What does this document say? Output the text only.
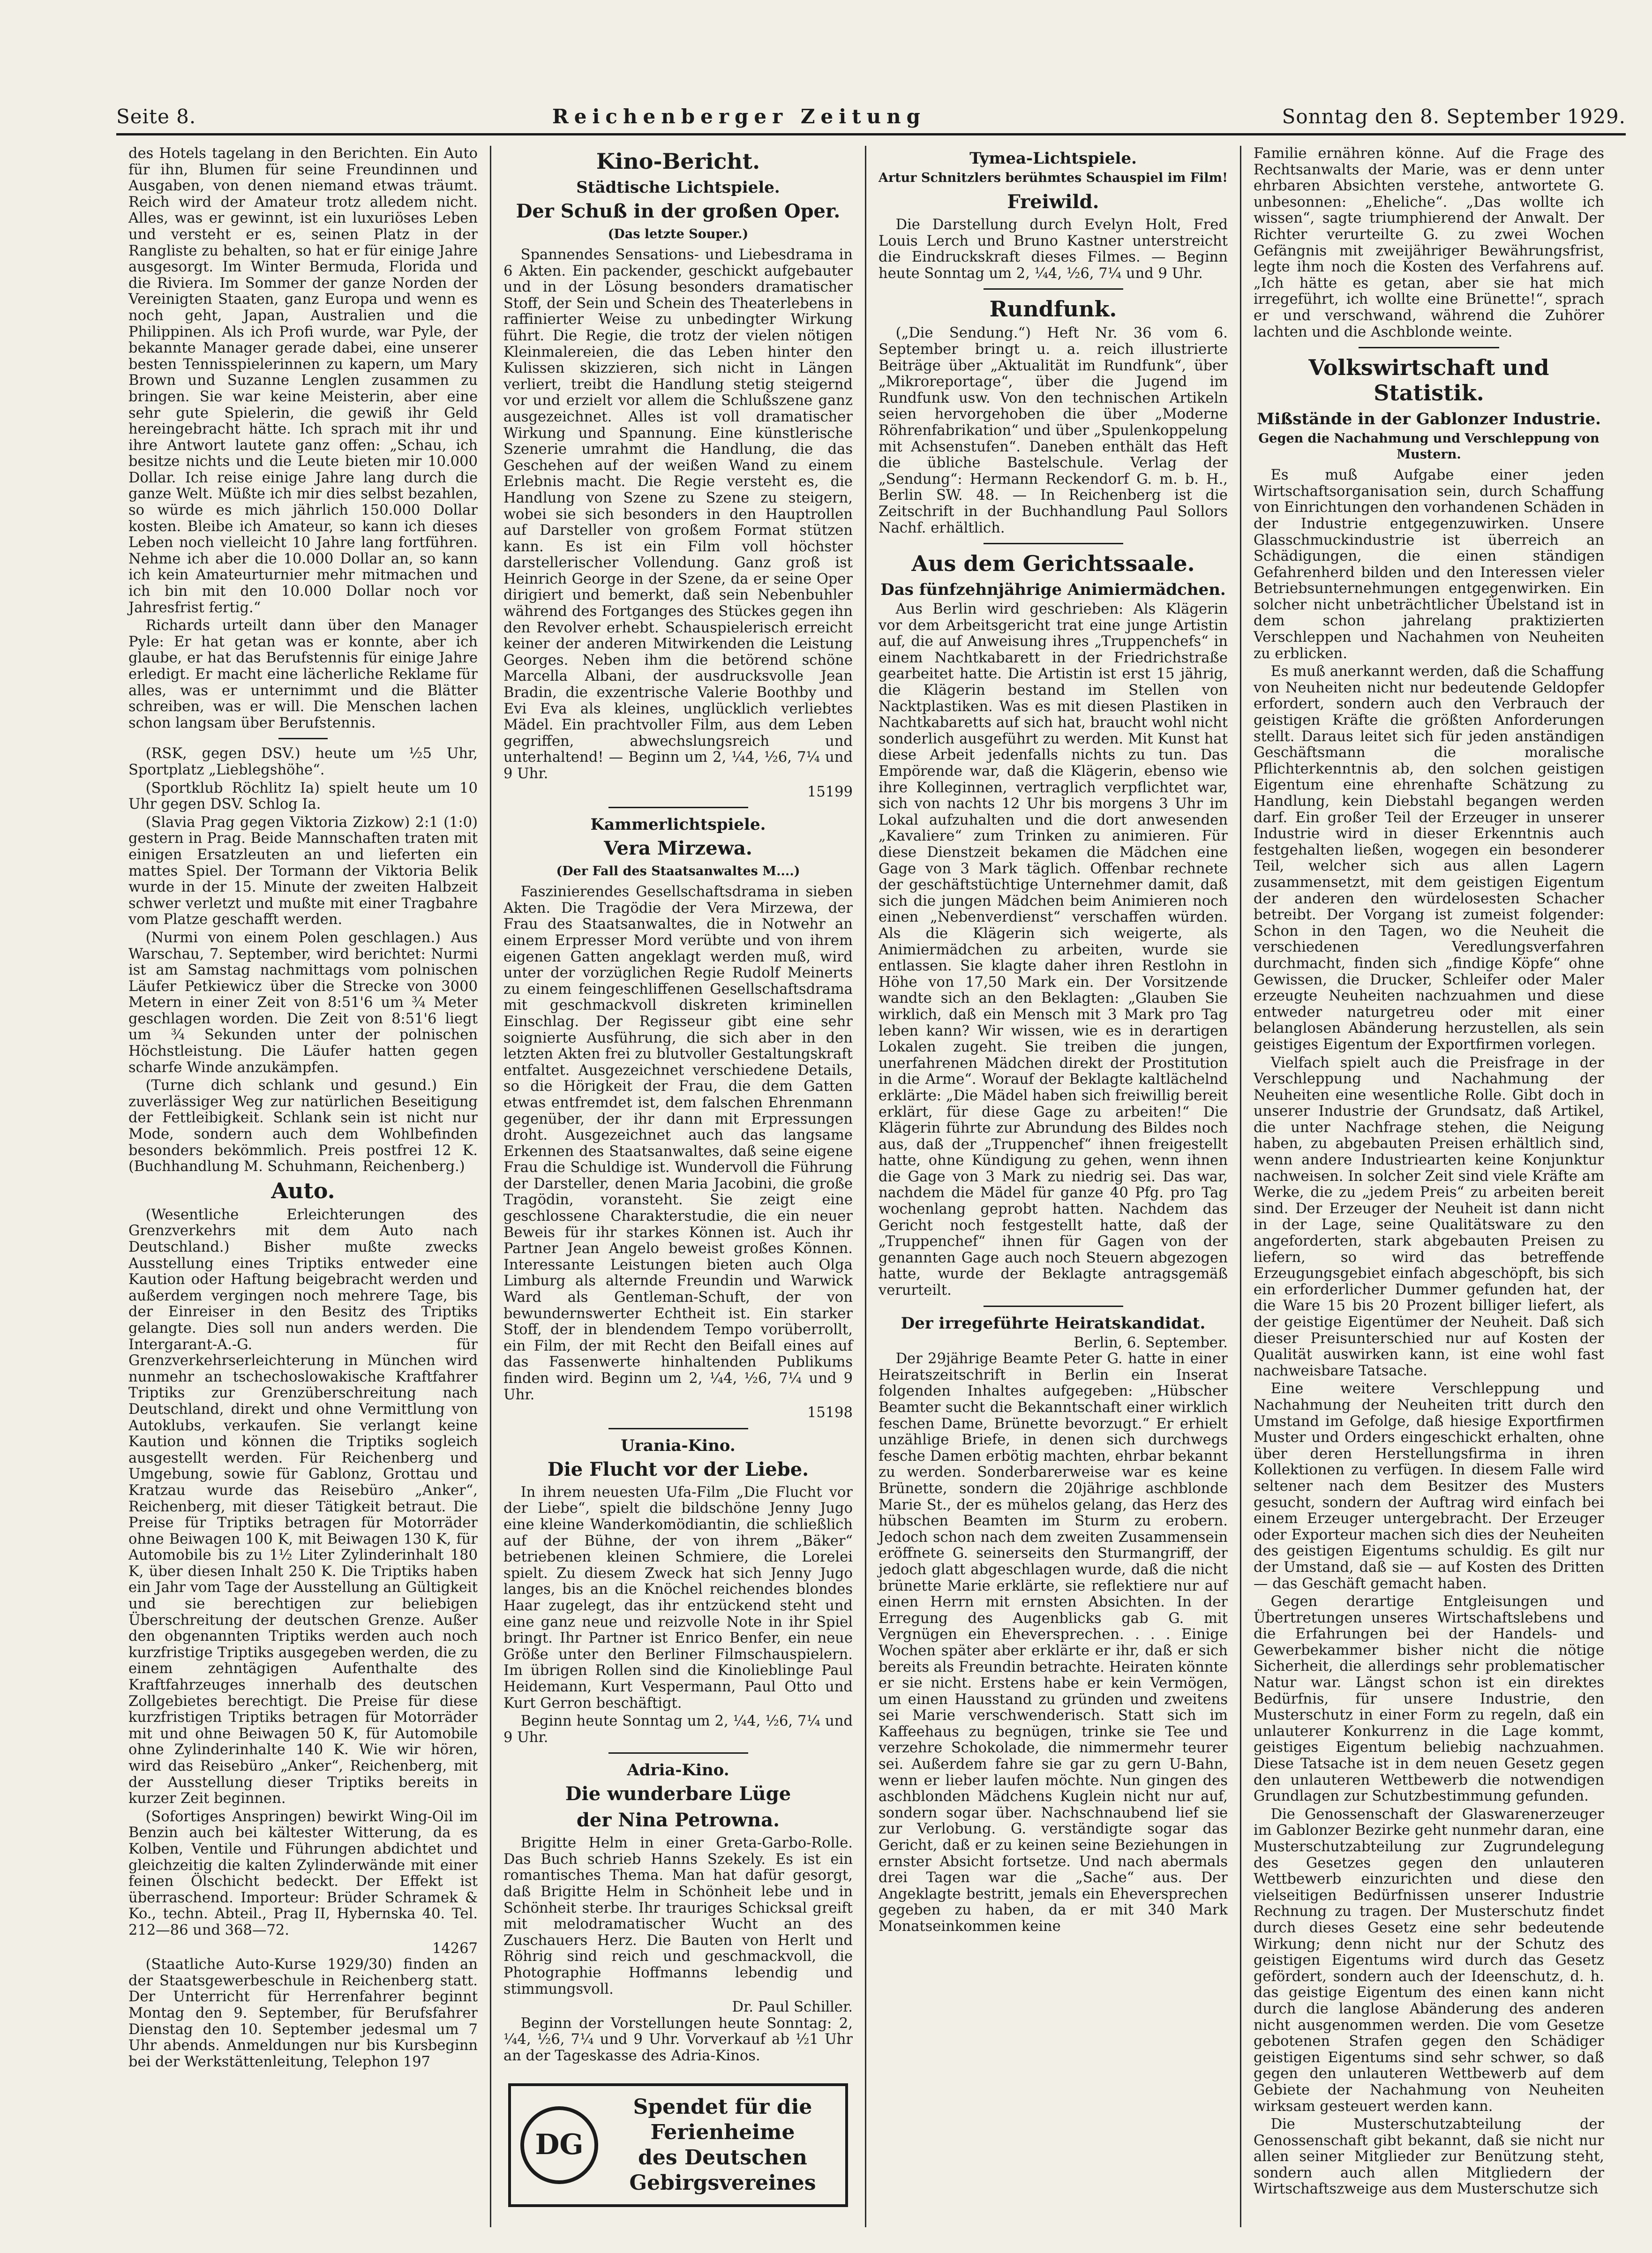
Seite 8.	Reichenberger Zeitung	Sonntag den 8. September 1929.

des Hotels tagelang in den Berichten. Ein Auto für ihn, Blumen für seine Freundinnen und Ausgaben, von denen niemand etwas träumt. Reich wird der Amateur trotz alledem nicht. Alles, was er gewinnt, ist ein luxuriöses Leben und versteht er es, seinen Platz in der Rangliste zu behalten, so hat er für einige Jahre ausgesorgt. Im Winter Bermuda, Florida und die Riviera. Im Sommer der ganze Norden der Vereinigten Staaten, ganz Europa und wenn es noch geht, Japan, Australien und die Philippinen. Als ich Profi wurde, war Pyle, der bekannte Manager gerade dabei, eine unserer besten Tennisspielerinnen zu kapern, um Mary Brown und Suzanne Lenglen zusammen zu bringen. Sie war keine Meisterin, aber eine sehr gute Spielerin, die gewiß ihr Geld hereingebracht hätte. Ich sprach mit ihr und ihre Antwort lautete ganz offen: „Schau, ich besitze nichts und die Leute bieten mir 10.000 Dollar. Ich reise einige Jahre lang durch die ganze Welt. Müßte ich mir dies selbst bezahlen, so würde es mich jährlich 150.000 Dollar kosten. Bleibe ich Amateur, so kann ich dieses Leben noch vielleicht 10 Jahre lang fortführen. Nehme ich aber die 10.000 Dollar an, so kann ich kein Amateurturnier mehr mitmachen und ich bin mit den 10.000 Dollar noch vor Jahresfrist fertig.“

Richards urteilt dann über den Manager Pyle: Er hat getan was er konnte, aber ich glaube, er hat das Berufstennis für einige Jahre erledigt. Er macht eine lächerliche Reklame für alles, was er unternimmt und die Blätter schreiben, was er will. Die Menschen lachen schon langsam über Berufstennis.

(RSK, gegen DSV.) heute um ½5 Uhr, Sportplatz „Lieblegshöhe“.

(Sportklub Röchlitz Ia) spielt heute um 10 Uhr gegen DSV. Schlog Ia.

(Slavia Prag gegen Viktoria Zizkow) 2:1 (1:0) gestern in Prag. Beide Mannschaften traten mit einigen Ersatzleuten an und lieferten ein mattes Spiel. Der Tormann der Viktoria Belik wurde in der 15. Minute der zweiten Halbzeit schwer verletzt und mußte mit einer Tragbahre vom Platze geschafft werden.

(Nurmi von einem Polen geschlagen.) Aus Warschau, 7. September, wird berichtet: Nurmi ist am Samstag nachmittags vom polnischen Läufer Petkiewicz über die Strecke von 3000 Metern in einer Zeit von 8:51'6 um ¾ Meter geschlagen worden. Die Zeit von 8:51'6 liegt um ¾ Sekunden unter der polnischen Höchstleistung. Die Läufer hatten gegen scharfe Winde anzukämpfen.

(Turne dich schlank und gesund.) Ein zuverlässiger Weg zur natürlichen Beseitigung der Fettleibigkeit. Schlank sein ist nicht nur Mode, sondern auch dem Wohlbefinden besonders bekömmlich. Preis postfrei 12 K. (Buchhandlung M. Schuhmann, Reichenberg.)

Auto.

(Wesentliche Erleichterungen des Grenzverkehrs mit dem Auto nach Deutschland.) Bisher mußte zwecks Ausstellung eines Triptiks entweder eine Kaution oder Haftung beigebracht werden und außerdem vergingen noch mehrere Tage, bis der Einreiser in den Besitz des Triptiks gelangte. Dies soll nun anders werden. Die Intergarant-A.-G. für Grenzverkehrserleichterung in München wird nunmehr an tschechoslowakische Kraftfahrer Triptiks zur Grenzüberschreitung nach Deutschland, direkt und ohne Vermittlung von Autoklubs, verkaufen. Sie verlangt keine Kaution und können die Triptiks sogleich ausgestellt werden. Für Reichenberg und Umgebung, sowie für Gablonz, Grottau und Kratzau wurde das Reisebüro „Anker“, Reichenberg, mit dieser Tätigkeit betraut. Die Preise für Triptiks betragen für Motorräder ohne Beiwagen 100 K, mit Beiwagen 130 K, für Automobile bis zu 1½ Liter Zylinderinhalt 180 K, über diesen Inhalt 250 K. Die Triptiks haben ein Jahr vom Tage der Ausstellung an Gültigkeit und sie berechtigen zur beliebigen Überschreitung der deutschen Grenze. Außer den obgenannten Triptiks werden auch noch kurzfristige Triptiks ausgegeben werden, die zu einem zehntägigen Aufenthalte des Kraftfahrzeuges innerhalb des deutschen Zollgebietes berechtigt. Die Preise für diese kurzfristigen Triptiks betragen für Motorräder mit und ohne Beiwagen 50 K, für Automobile ohne Zylinderinhalte 140 K. Wie wir hören, wird das Reisebüro „Anker“, Reichenberg, mit der Ausstellung dieser Triptiks bereits in kurzer Zeit beginnen.

(Sofortiges Anspringen) bewirkt Wing-Oil im Benzin auch bei kältester Witterung, da es Kolben, Ventile und Führungen abdichtet und gleichzeitig die kalten Zylinderwände mit einer feinen Ölschicht bedeckt. Der Effekt ist überraschend. Importeur: Brüder Schramek & Ko., techn. Abteil., Prag II, Hybernska 40. Tel. 212—86 und 368—72.

14267

(Staatliche Auto-Kurse 1929/30) finden an der Staatsgewerbeschule in Reichenberg statt. Der Unterricht für Herrenfahrer beginnt Montag den 9. September, für Berufsfahrer Dienstag den 10. September jedesmal um 7 Uhr abends. Anmeldungen nur bis Kursbeginn bei der Werkstättenleitung, Telephon 197

Kino-Bericht.
Städtische Lichtspiele.
Der Schuß in der großen Oper.
(Das letzte Souper.)

Spannendes Sensations- und Liebesdrama in 6 Akten. Ein packender, geschickt aufgebauter und in der Lösung besonders dramatischer Stoff, der Sein und Schein des Theaterlebens in raffinierter Weise zu unbedingter Wirkung führt. Die Regie, die trotz der vielen nötigen Kleinmalereien, die das Leben hinter den Kulissen skizzieren, sich nicht in Längen verliert, treibt die Handlung stetig steigernd vor und erzielt vor allem die Schlußszene ganz ausgezeichnet. Alles ist voll dramatischer Wirkung und Spannung. Eine künstlerische Szenerie umrahmt die Handlung, die das Geschehen auf der weißen Wand zu einem Erlebnis macht. Die Regie versteht es, die Handlung von Szene zu Szene zu steigern, wobei sie sich besonders in den Hauptrollen auf Darsteller von großem Format stützen kann. Es ist ein Film voll höchster darstellerischer Vollendung. Ganz groß ist Heinrich George in der Szene, da er seine Oper dirigiert und bemerkt, daß sein Nebenbuhler während des Fortganges des Stückes gegen ihn den Revolver erhebt. Schauspielerisch erreicht keiner der anderen Mitwirkenden die Leistung Georges. Neben ihm die betörend schöne Marcella Albani, der ausdrucksvolle Jean Bradin, die exzentrische Valerie Boothby und Evi Eva als kleines, unglücklich verliebtes Mädel. Ein prachtvoller Film, aus dem Leben gegriffen, abwechslungsreich und unterhaltend! — Beginn um 2, ¼4, ½6, 7¼ und 9 Uhr.

15199
Kammerlichtspiele.
Vera Mirzewa.
(Der Fall des Staatsanwaltes M....)

Faszinierendes Gesellschaftsdrama in sieben Akten. Die Tragödie der Vera Mirzewa, der Frau des Staatsanwaltes, die in Notwehr an einem Erpresser Mord verübte und von ihrem eigenen Gatten angeklagt werden muß, wird unter der vorzüglichen Regie Rudolf Meinerts zu einem feingeschliffenen Gesellschaftsdrama mit geschmackvoll diskreten kriminellen Einschlag. Der Regisseur gibt eine sehr soignierte Ausführung, die sich aber in den letzten Akten frei zu blutvoller Gestaltungskraft entfaltet. Ausgezeichnet verschiedene Details, so die Hörigkeit der Frau, die dem Gatten etwas entfremdet ist, dem falschen Ehrenmann gegenüber, der ihr dann mit Erpressungen droht. Ausgezeichnet auch das langsame Erkennen des Staatsanwaltes, daß seine eigene Frau die Schuldige ist. Wundervoll die Führung der Darsteller, denen Maria Jacobini, die große Tragödin, voransteht. Sie zeigt eine geschlossene Charakterstudie, die ein neuer Beweis für ihr starkes Können ist. Auch ihr Partner Jean Angelo beweist großes Können. Interessante Leistungen bieten auch Olga Limburg als alternde Freundin und Warwick Ward als Gentleman-Schuft, der von bewundernswerter Echtheit ist. Ein starker Stoff, der in blendendem Tempo vorüberrollt, ein Film, der mit Recht den Beifall eines auf das Fassenwerte hinhaltenden Publikums finden wird. Beginn um 2, ¼4, ½6, 7¼ und 9 Uhr.

15198
Urania-Kino.
Die Flucht vor der Liebe.

In ihrem neuesten Ufa-Film „Die Flucht vor der Liebe“, spielt die bildschöne Jenny Jugo eine kleine Wanderkomödiantin, die schließlich auf der Bühne, der von ihrem „Bäker“ betriebenen kleinen Schmiere, die Lorelei spielt. Zu diesem Zweck hat sich Jenny Jugo langes, bis an die Knöchel reichendes blondes Haar zugelegt, das ihr entzückend steht und eine ganz neue und reizvolle Note in ihr Spiel bringt. Ihr Partner ist Enrico Benfer, ein neue Größe unter den Berliner Filmschauspielern. Im übrigen Rollen sind die Kinolieblinge Paul Heidemann, Kurt Vespermann, Paul Otto und Kurt Gerron beschäftigt.

Beginn heute Sonntag um 2, ¼4, ½6, 7¼ und 9 Uhr.

Adria-Kino.
Die wunderbare Lüge
der Nina Petrowna.

Brigitte Helm in einer Greta-Garbo-Rolle. Das Buch schrieb Hanns Szekely. Es ist ein romantisches Thema. Man hat dafür gesorgt, daß Brigitte Helm in Schönheit lebe und in Schönheit sterbe. Ihr trauriges Schicksal greift mit melodramatischer Wucht an des Zuschauers Herz. Die Bauten von Herlt und Röhrig sind reich und geschmackvoll, die Photographie Hoffmanns lebendig und stimmungsvoll.

Dr. Paul Schiller.

Beginn der Vorstellungen heute Sonntag: 2, ¼4, ½6, 7¼ und 9 Uhr. Vorverkauf ab ½1 Uhr an der Tageskasse des Adria-Kinos.

DG
Spendet für die
Ferienheime
des Deutschen
Gebirgsvereines
Tymea-Lichtspiele.
Artur Schnitzlers berühmtes Schauspiel im Film!
Freiwild.

Die Darstellung durch Evelyn Holt, Fred Louis Lerch und Bruno Kastner unterstreicht die Eindruckskraft dieses Filmes. — Beginn heute Sonntag um 2, ¼4, ½6, 7¼ und 9 Uhr.

Rundfunk.

(„Die Sendung.“) Heft Nr. 36 vom 6. September bringt u. a. reich illustrierte Beiträge über „Aktualität im Rundfunk“, über „Mikroreportage“, über die Jugend im Rundfunk usw. Von den technischen Artikeln seien hervorgehoben die über „Moderne Röhrenfabrikation“ und über „Spulenkoppelung mit Achsenstufen“. Daneben enthält das Heft die übliche Bastelschule. Verlag der „Sendung“: Hermann Reckendorf G. m. b. H., Berlin SW. 48. — In Reichenberg ist die Zeitschrift in der Buchhandlung Paul Sollors Nachf. erhältlich.

Aus dem Gerichtssaale.
Das fünfzehnjährige Animiermädchen.

Aus Berlin wird geschrieben: Als Klägerin vor dem Arbeitsgericht trat eine junge Artistin auf, die auf Anweisung ihres „Truppenchefs“ in einem Nachtkabarett in der Friedrichstraße gearbeitet hatte. Die Artistin ist erst 15 jährig, die Klägerin bestand im Stellen von Nacktplastiken. Was es mit diesen Plastiken in Nachtkabaretts auf sich hat, braucht wohl nicht sonderlich ausgeführt zu werden. Mit Kunst hat diese Arbeit jedenfalls nichts zu tun. Das Empörende war, daß die Klägerin, ebenso wie ihre Kolleginnen, vertraglich verpflichtet war, sich von nachts 12 Uhr bis morgens 3 Uhr im Lokal aufzuhalten und die dort anwesenden „Kavaliere“ zum Trinken zu animieren. Für diese Dienstzeit bekamen die Mädchen eine Gage von 3 Mark täglich. Offenbar rechnete der geschäftstüchtige Unternehmer damit, daß sich die jungen Mädchen beim Animieren noch einen „Nebenverdienst“ verschaffen würden. Als die Klägerin sich weigerte, als Animiermädchen zu arbeiten, wurde sie entlassen. Sie klagte daher ihren Restlohn in Höhe von 17,50 Mark ein. Der Vorsitzende wandte sich an den Beklagten: „Glauben Sie wirklich, daß ein Mensch mit 3 Mark pro Tag leben kann? Wir wissen, wie es in derartigen Lokalen zugeht. Sie treiben die jungen, unerfahrenen Mädchen direkt der Prostitution in die Arme“. Worauf der Beklagte kaltlächelnd erklärte: „Die Mädel haben sich freiwillig bereit erklärt, für diese Gage zu arbeiten!“ Die Klägerin führte zur Abrundung des Bildes noch aus, daß der „Truppenchef“ ihnen freigestellt hatte, ohne Kündigung zu gehen, wenn ihnen die Gage von 3 Mark zu niedrig sei. Das war, nachdem die Mädel für ganze 40 Pfg. pro Tag wochenlang geprobt hatten. Nachdem das Gericht noch festgestellt hatte, daß der „Truppenchef“ ihnen für Gagen von der genannten Gage auch noch Steuern abgezogen hatte, wurde der Beklagte antragsgemäß verurteilt.

Der irregeführte Heiratskandidat.
Berlin, 6. September.

Der 29jährige Beamte Peter G. hatte in einer Heiratszeitschrift in Berlin ein Inserat folgenden Inhaltes aufgegeben: „Hübscher Beamter sucht die Bekanntschaft einer wirklich feschen Dame, Brünette bevorzugt.“ Er erhielt unzählige Briefe, in denen sich durchwegs fesche Damen erbötig machten, ehrbar bekannt zu werden. Sonderbarerweise war es keine Brünette, sondern die 20jährige aschblonde Marie St., der es mühelos gelang, das Herz des hübschen Beamten im Sturm zu erobern. Jedoch schon nach dem zweiten Zusammensein eröffnete G. seinerseits den Sturmangriff, der jedoch glatt abgeschlagen wurde, daß die nicht brünette Marie erklärte, sie reflektiere nur auf einen Herrn mit ernsten Absichten. In der Erregung des Augenblicks gab G. mit Vergnügen ein Eheversprechen. . . . Einige Wochen später aber erklärte er ihr, daß er sich bereits als Freundin betrachte. Heiraten könnte er sie nicht. Erstens habe er kein Vermögen, um einen Hausstand zu gründen und zweitens sei Marie verschwenderisch. Statt sich im Kaffeehaus zu begnügen, trinke sie Tee und verzehre Schokolade, die nimmermehr teurer sei. Außerdem fahre sie gar zu gern U-Bahn, wenn er lieber laufen möchte. Nun gingen des aschblonden Mädchens Kuglein nicht nur auf, sondern sogar über. Nachschnaubend lief sie zur Verlobung. G. verständigte sogar das Gericht, daß er zu keinen seine Beziehungen in ernster Absicht fortsetze. Und nach abermals drei Tagen war die „Sache“ aus. Der Angeklagte bestritt, jemals ein Eheversprechen gegeben zu haben, da er mit 340 Mark Monatseinkommen keine

Familie ernähren könne. Auf die Frage des Rechtsanwalts der Marie, was er denn unter ehrbaren Absichten verstehe, antwortete G. unbesonnen: „Eheliche“. „Das wollte ich wissen“, sagte triumphierend der Anwalt. Der Richter verurteilte G. zu zwei Wochen Gefängnis mit zweijähriger Bewährungsfrist, legte ihm noch die Kosten des Verfahrens auf. „Ich hätte es getan, aber sie hat mich irregeführt, ich wollte eine Brünette!“, sprach er und verschwand, während die Zuhörer lachten und die Aschblonde weinte.

Volkswirtschaft und Statistik.
Mißstände in der Gablonzer Industrie.
Gegen die Nachahmung und Verschleppung von Mustern.

Es muß Aufgabe einer jeden Wirtschaftsorganisation sein, durch Schaffung von Einrichtungen den vorhandenen Schäden in der Industrie entgegenzuwirken. Unsere Glasschmuckindustrie ist überreich an Schädigungen, die einen ständigen Gefahrenherd bilden und den Interessen vieler Betriebsunternehmungen entgegenwirken. Ein solcher nicht unbeträchtlicher Übelstand ist in dem schon jahrelang praktizierten Verschleppen und Nachahmen von Neuheiten zu erblicken.

Es muß anerkannt werden, daß die Schaffung von Neuheiten nicht nur bedeutende Geldopfer erfordert, sondern auch den Verbrauch der geistigen Kräfte die größten Anforderungen stellt. Daraus leitet sich für jeden anständigen Geschäftsmann die moralische Pflichterkenntnis ab, den solchen geistigen Eigentum eine ehrenhafte Schätzung zu Handlung, kein Diebstahl begangen werden darf. Ein großer Teil der Erzeuger in unserer Industrie wird in dieser Erkenntnis auch festgehalten ließen, wogegen ein besonderer Teil, welcher sich aus allen Lagern zusammensetzt, mit dem geistigen Eigentum der anderen den würdelosesten Schacher betreibt. Der Vorgang ist zumeist folgender: Schon in den Tagen, wo die Neuheit die verschiedenen Veredlungsverfahren durchmacht, finden sich „findige Köpfe“ ohne Gewissen, die Drucker, Schleifer oder Maler erzeugte Neuheiten nachzuahmen und diese entweder naturgetreu oder mit einer belanglosen Abänderung herzustellen, als sein geistiges Eigentum der Exportfirmen vorlegen.

Vielfach spielt auch die Preisfrage in der Verschleppung und Nachahmung der Neuheiten eine wesentliche Rolle. Gibt doch in unserer Industrie der Grundsatz, daß Artikel, die unter Nachfrage stehen, die Neigung haben, zu abgebauten Preisen erhältlich sind, wenn andere Industriearten keine Konjunktur nachweisen. In solcher Zeit sind viele Kräfte am Werke, die zu „jedem Preis“ zu arbeiten bereit sind. Der Erzeuger der Neuheit ist dann nicht in der Lage, seine Qualitätsware zu den angeforderten, stark abgebauten Preisen zu liefern, so wird das betreffende Erzeugungsgebiet einfach abgeschöpft, bis sich ein erforderlicher Dummer gefunden hat, der die Ware 15 bis 20 Prozent billiger liefert, als der geistige Eigentümer der Neuheit. Daß sich dieser Preisunterschied nur auf Kosten der Qualität auswirken kann, ist eine wohl fast nachweisbare Tatsache.

Eine weitere Verschleppung und Nachahmung der Neuheiten tritt durch den Umstand im Gefolge, daß hiesige Exportfirmen Muster und Orders eingeschickt erhalten, ohne über deren Herstellungsfirma in ihren Kollektionen zu verfügen. In diesem Falle wird seltener nach dem Besitzer des Musters gesucht, sondern der Auftrag wird einfach bei einem Erzeuger untergebracht. Der Erzeuger oder Exporteur machen sich dies der Neuheiten des geistigen Eigentums schuldig. Es gilt nur der Umstand, daß sie — auf Kosten des Dritten — das Geschäft gemacht haben.

Gegen derartige Entgleisungen und Übertretungen unseres Wirtschaftslebens und die Erfahrungen bei der Handels- und Gewerbekammer bisher nicht die nötige Sicherheit, die allerdings sehr problematischer Natur war. Längst schon ist ein direktes Bedürfnis, für unsere Industrie, den Musterschutz in einer Form zu regeln, daß ein unlauterer Konkurrenz in die Lage kommt, geistiges Eigentum beliebig nachzuahmen. Diese Tatsache ist in dem neuen Gesetz gegen den unlauteren Wettbewerb die notwendigen Grundlagen zur Schutzbestimmung gefunden.

Die Genossenschaft der Glaswarenerzeuger im Gablonzer Bezirke geht nunmehr daran, eine Musterschutzabteilung zur Zugrundelegung des Gesetzes gegen den unlauteren Wettbewerb einzurichten und diese den vielseitigen Bedürfnissen unserer Industrie Rechnung zu tragen. Der Musterschutz findet durch dieses Gesetz eine sehr bedeutende Wirkung; denn nicht nur der Schutz des geistigen Eigentums wird durch das Gesetz gefördert, sondern auch der Ideenschutz, d. h. das geistige Eigentum des einen kann nicht durch die langlose Abänderung des anderen nicht ausgenommen werden. Die vom Gesetze gebotenen Strafen gegen den Schädiger geistigen Eigentums sind sehr schwer, so daß gegen den unlauteren Wettbewerb auf dem Gebiete der Nachahmung von Neuheiten wirksam gesteuert werden kann.

Die Musterschutzabteilung der Genossenschaft gibt bekannt, daß sie nicht nur allen seiner Mitglieder zur Benützung steht, sondern auch allen Mitgliedern der Wirtschaftszweige aus dem Musterschutze sich
